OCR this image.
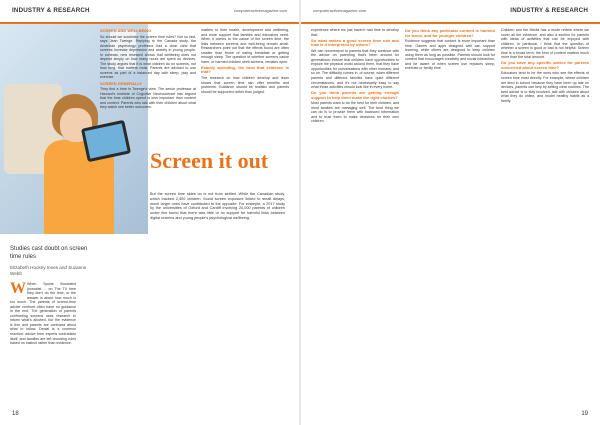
INDUSTRY & RESEARCH	computeractivemagazine.com
Screen it out
But the screen time sides on is not from settled. While the Canadian study, which tracked 2,400 children, found screen exposure linked to small delays, much larger ones have contributed to the opposite. For example, a 2017 study by the universities of Oxford and Cardiff involving 20,000 parents of children under five found that there was little or no support for harmful links between digital screens and young people's psychological wellbeing.
Studies cast doubt on screen time rules
Elizabeth Hockey Innes and Suzanne Webb
W When Sports Illustrated journalist ... on The TV time they don't do the time, or the answer is about how much is too much. The parents of screen-time advice confront often have no guidance in the end. The generation of parents confronting screens uses research to inform what's allowed, but the evidence is thin and parents are confused about what to follow. Denial is a common reaction: advice from experts contradicts itself, and families are left choosing rules based on instinct rather than evidence.
SCREEN AND WELLBEING

So should we scrutinise the screen time rules? Not so fast, says Jean Twenge. Replying to the Canada study, the American psychology professor had a clear view that screens increase depression and anxiety in young people. In contrast, new research shows that wellbeing does not depend simply on how many hours are spent on devices. The study argues that it is what children do on screens, not how long, that matters most. Parents are advised to use screens as part of a balanced day with sleep, play and exercise.

SCREEN GENERALLY

They find a time in Twenge's view. The senior professor at Harvard's Institute of Cognitive Neuroscience has argued that the time children spend is less important than content and context. Parents who talk with their children about what they watch see better outcomes.

matters to their health, development and wellbeing, and more support that families and educators need. When it comes to the cause of the screen time, the links between screens and well-being remain small. Researchers point out that the effects found are often smaller than those of eating breakfast or getting enough sleep. The question of whether screens cause harm, or harmed children seek screens, remains open.

Exactly spending, the best that evidence is that?

The research on how children develop and learn shows that screen time can offer benefits and problems. Guidance should be realistic and parents should be supported rather than judged.

18
computeractivemagazine.com	INDUSTRY & RESEARCH

experience where we just haven't had time to develop that.

So what makes a good screen time rule and how is it interpreted by others?

We can recommend to parents that they continue with the advice on parenting that's been around for generations: ensure that children have opportunities to explore the physical world around them, that they have opportunities for conversations with other humans, and so on. The difficulty comes in, of course, when different parents and different families have quite different circumstances, and it's not necessarily easy to say what those activities should look like in every home.

Do you think parents are getting enough support to help them make the right choices?

Most parents want to do the best for their children, and most families are managing well. The best thing we can do is to provide them with balanced information and to trust them to make decisions for their own children.

Do you think any particular content is harmful for teens, and for younger children?

Evidence suggests that content is more important than time. Games and apps designed well can support learning, while others are designed to keep children using them as long as possible. Parents should look for content that encourages creativity and social interaction, and be aware of when screen use replaces sleep, exercise or family time.

Children and the Media has a mode review where we cover all the evidence, and also a section for parents with ideas of activities that can be enjoyed with children. In particular, I think that the question of whether a screen is good or bad is not helpful. Screen time is a broad term; the kind of content matters much more than the total amount.

Do you have any specific advice for parents concerned about screen time?

Educators tend to be the ones who see the effects of screen time most directly. For example, where children are tired in school because they have been up late on devices, parents can help by setting clear routines. The best advice is to stay involved, talk with children about what they do online, and model healthy habits as a family.

19
